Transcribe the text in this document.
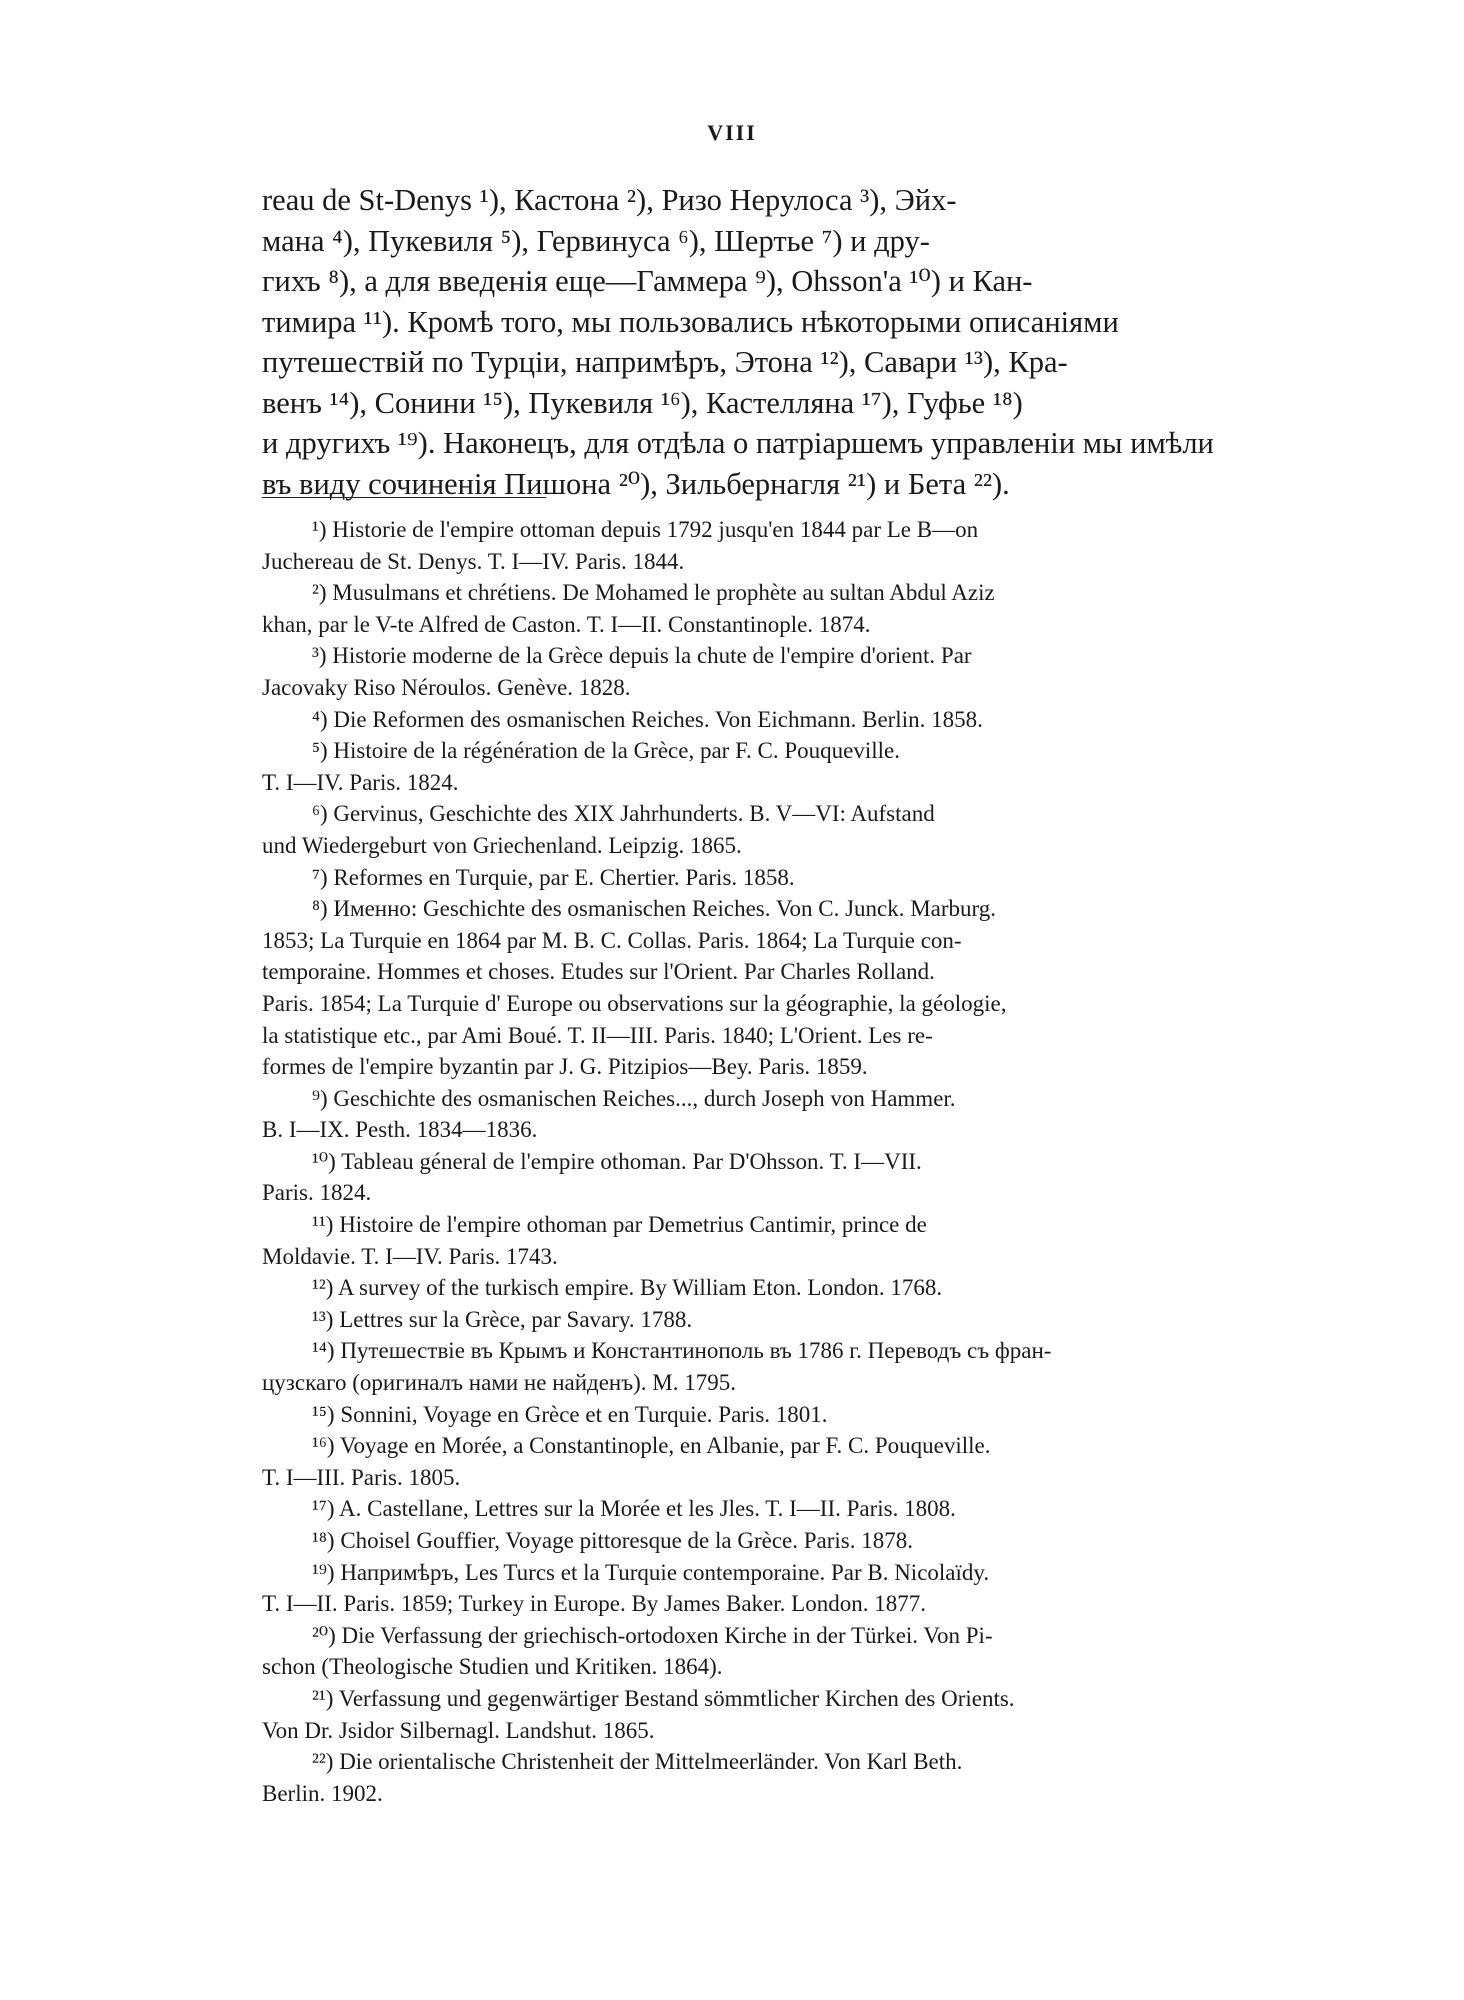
VIII
reau de St-Denys ¹), Кастона ²), Ризо Нерулоса ³), Эйх-
мана ⁴), Пукевиля ⁵), Гервинуса ⁶), Шертье ⁷) и дру-
гихъ ⁸), а для введенія еще—Гаммера ⁹), Ohsson'a ¹⁰) и Кан-
тимира ¹¹). Кромѣ того, мы пользовались нѣкоторыми описаніями
путешествій по Турціи, напримѣръ, Этона ¹²), Савари ¹³), Кра-
венъ ¹⁴), Сонини ¹⁵), Пукевиля ¹⁶), Кастелляна ¹⁷), Гуфье ¹⁸)
и другихъ ¹⁹). Наконецъ, для отдѣла о патріаршемъ управленіи мы имѣли
въ виду сочиненія Пишона ²⁰), Зильбернагля ²¹) и Бета ²²).
¹) Historie de l'empire ottoman depuis 1792 jusqu'en 1844 par Le B—on
Juchereau de St. Denys. T. I—IV. Paris. 1844.
²) Musulmans et chrétiens. De Mohamed le prophète au sultan Abdul Aziz
khan, par le V-te Alfred de Caston. T. I—II. Constantinople. 1874.
³) Historie moderne de la Grèce depuis la chute de l'empire d'orient. Par
Jacovaky Riso Néroulos. Genève. 1828.
⁴) Die Reformen des osmanischen Reiches. Von Eichmann. Berlin. 1858.
⁵) Histoire de la régénération de la Grèce, par F. C. Pouqueville.
T. I—IV. Paris. 1824.
⁶) Gervinus, Geschichte des XIX Jahrhunderts. B. V—VI: Aufstand
und Wiedergeburt von Griechenland. Leipzig. 1865.
⁷) Reformes en Turquie, par E. Chertier. Paris. 1858.
⁸) Именно: Geschichte des osmanischen Reiches. Von C. Junck. Marburg.
1853; La Turquie en 1864 par M. B. C. Collas. Paris. 1864; La Turquie con-
temporaine. Hommes et choses. Etudes sur l'Orient. Par Charles Rolland.
Paris. 1854; La Turquie d' Europe ou observations sur la géographie, la géologie,
la statistique etc., par Ami Boué. T. II—III. Paris. 1840; L'Orient. Les re-
formes de l'empire byzantin par J. G. Pitzipios—Bey. Paris. 1859.
⁹) Geschichte des osmanischen Reiches..., durch Joseph von Hammer.
B. I—IX. Pesth. 1834—1836.
¹⁰) Tableau géneral de l'empire othoman. Par D'Ohsson. T. I—VII.
Paris. 1824.
¹¹) Histoire de l'empire othoman par Demetrius Cantimir, prince de
Moldavie. T. I—IV. Paris. 1743.
¹²) A survey of the turkisch empire. By William Eton. London. 1768.
¹³) Lettres sur la Grèce, par Savary. 1788.
¹⁴) Путешествіе въ Крымъ и Константинополь въ 1786 г. Переводъ съ фран-
цузскаго (оригиналъ нами не найденъ). М. 1795.
¹⁵) Sonnini, Voyage en Grèce et en Turquie. Paris. 1801.
¹⁶) Voyage en Morée, a Constantinople, en Albanie, par F. C. Pouqueville.
T. I—III. Paris. 1805.
¹⁷) A. Castellane, Lettres sur la Morée et les Jles. T. I—II. Paris. 1808.
¹⁸) Choisel Gouffier, Voyage pittoresque de la Grèce. Paris. 1878.
¹⁹) Напримѣръ, Les Turcs et la Turquie contemporaine. Par B. Nicolaïdy.
T. I—II. Paris. 1859; Turkey in Europe. By James Baker. London. 1877.
²⁰) Die Verfassung der griechisch-ortodoxen Kirche in der Türkei. Von Pi-
schon (Theologische Studien und Kritiken. 1864).
²¹) Verfassung und gegenwärtiger Bestand sömmtlicher Kirchen des Orients.
Von Dr. Jsidor Silbernagl. Landshut. 1865.
²²) Die orientalische Christenheit der Mittelmeerländer. Von Karl Beth.
Berlin. 1902.
